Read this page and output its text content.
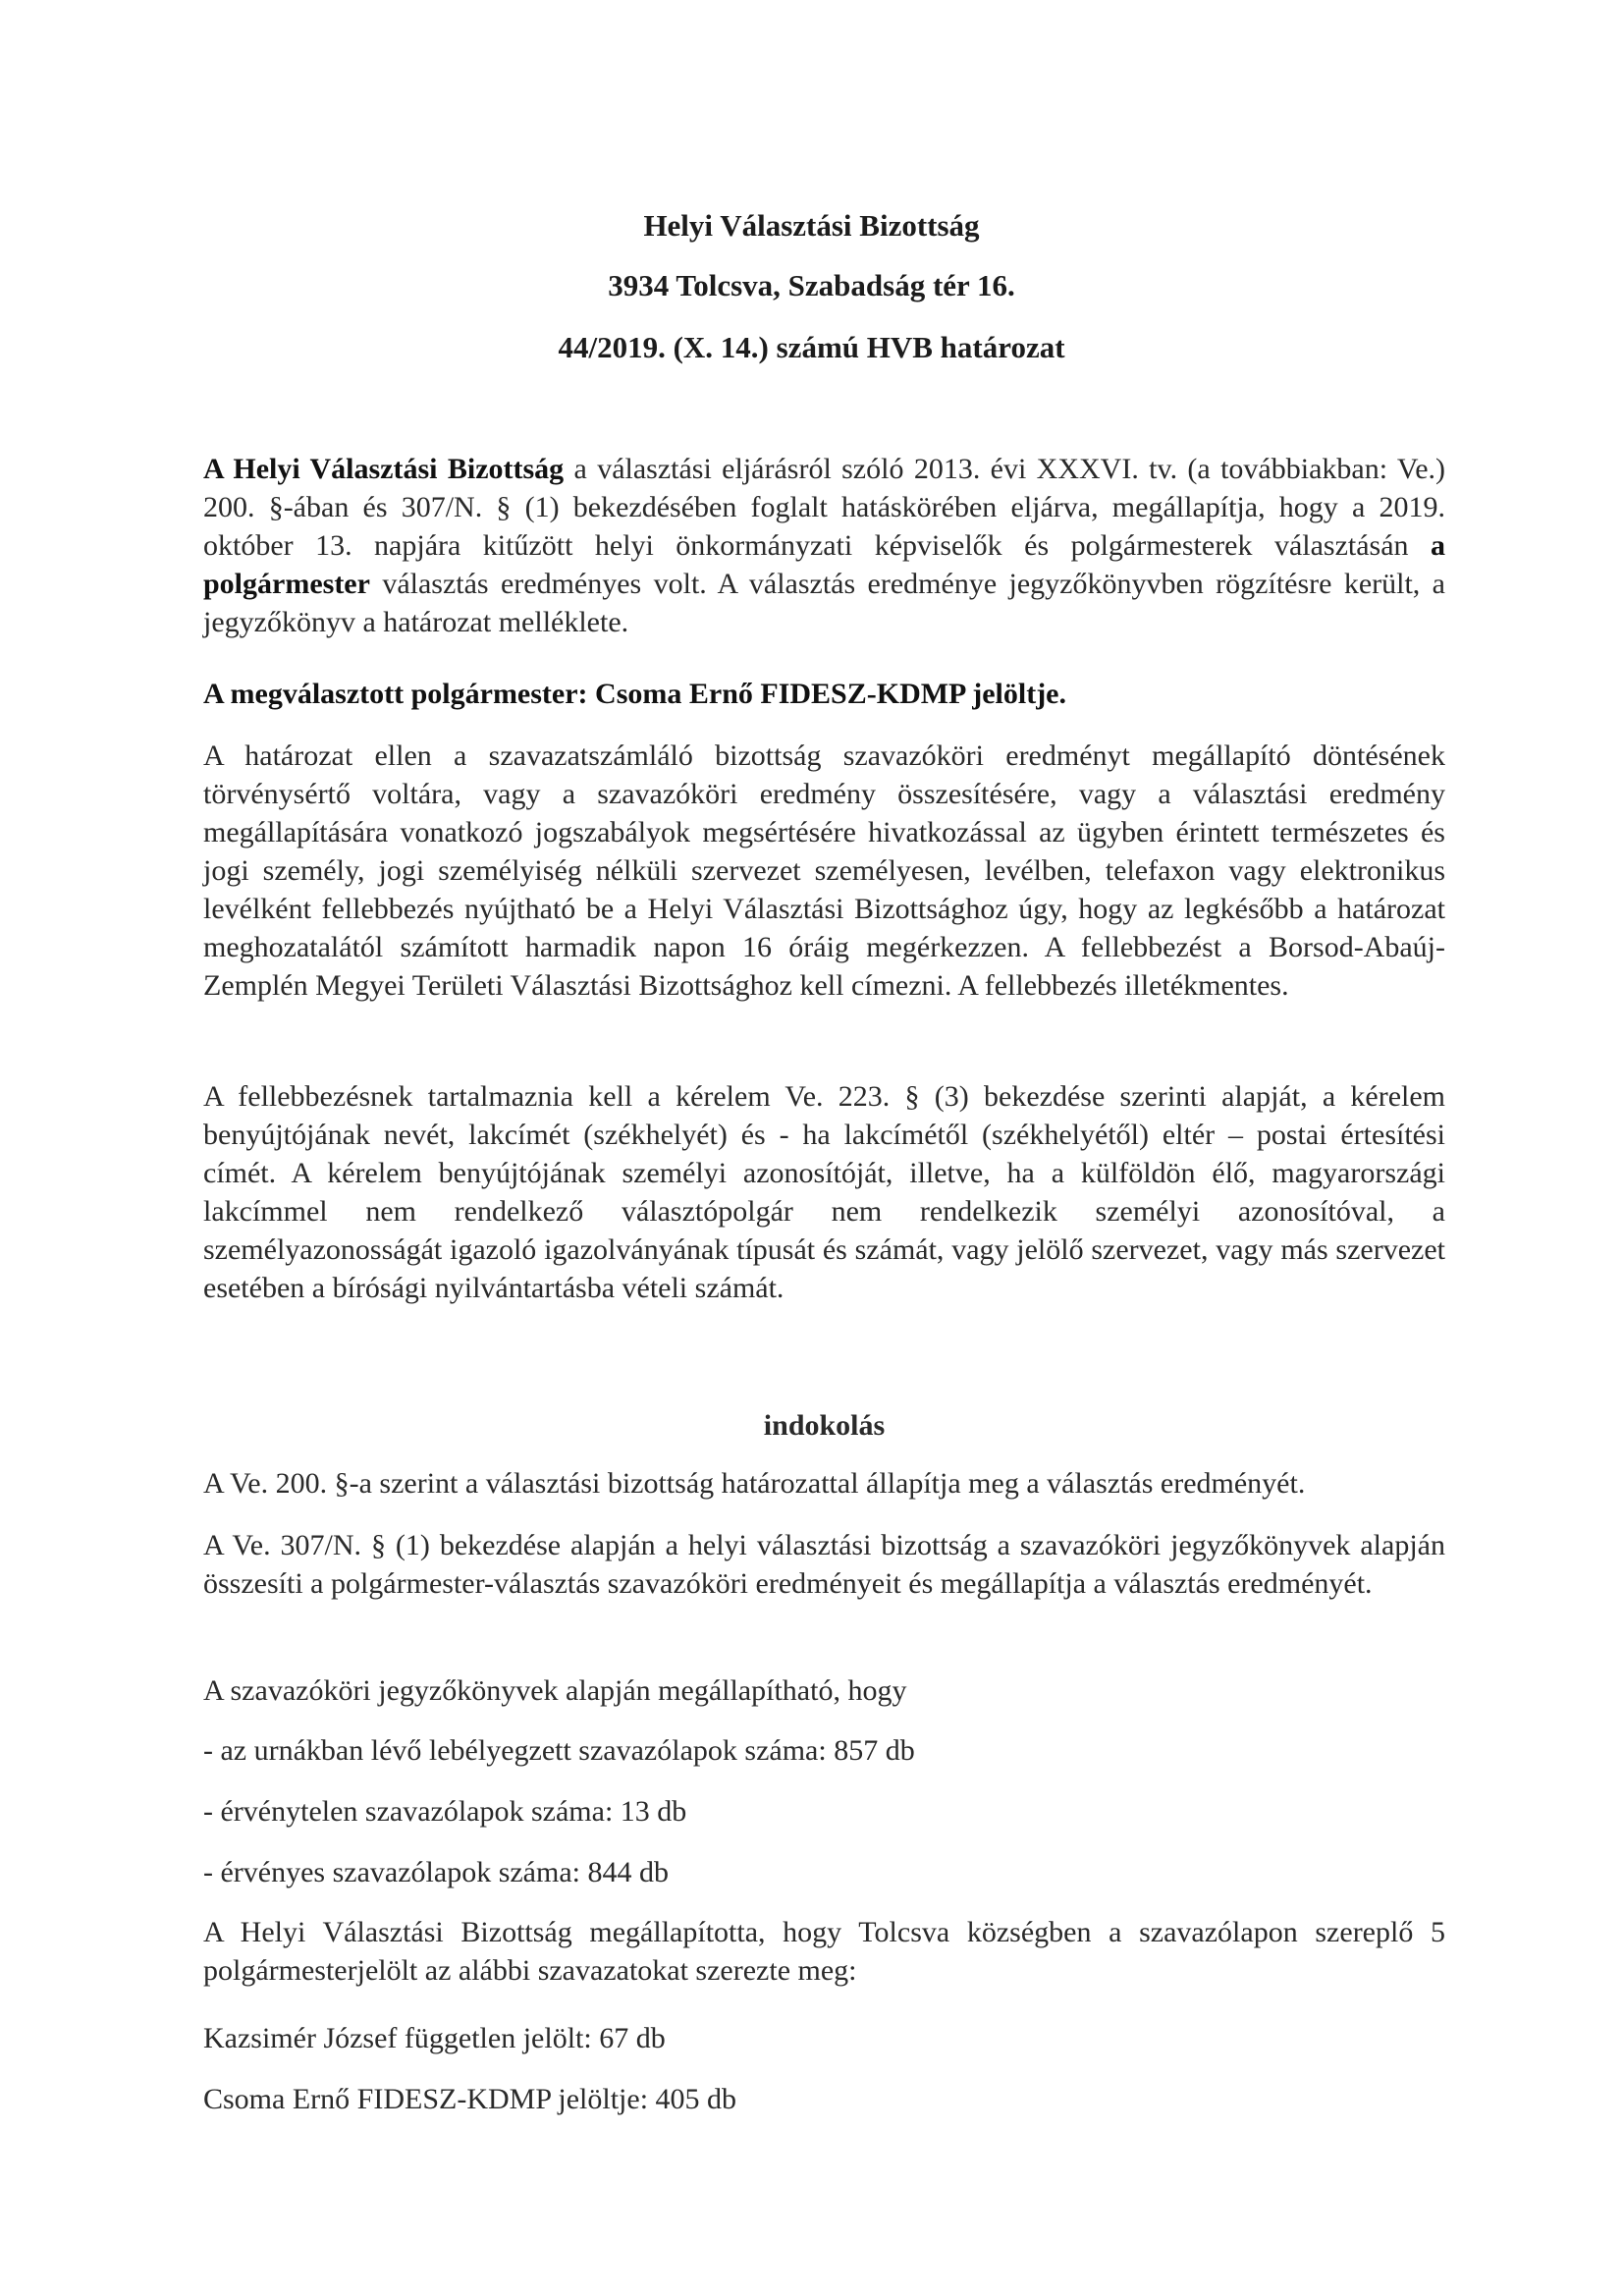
Helyi Választási Bizottság
3934 Tolcsva, Szabadság tér 16.
44/2019. (X. 14.) számú HVB határozat

A Helyi Választási Bizottság a választási eljárásról szóló 2013. évi XXXVI. tv. (a továbbiakban: Ve.) 200. §-ában és 307/N. § (1) bekezdésében foglalt hatáskörében eljárva, megállapítja, hogy a 2019. október 13. napjára kitűzött helyi önkormányzati képviselők és polgármesterek választásán a polgármester választás eredményes volt. A választás eredménye jegyzőkönyvben rögzítésre került, a jegyzőkönyv a határozat melléklete.

A megválasztott polgármester: Csoma Ernő FIDESZ-KDMP jelöltje.
A határozat ellen a szavazatszámláló bizottság szavazóköri eredményt megállapító döntésének törvénysértő voltára, vagy a szavazóköri eredmény összesítésére, vagy a választási eredmény megállapítására vonatkozó jogszabályok megsértésére hivatkozással az ügyben érintett természetes és jogi személy, jogi személyiség nélküli szervezet személyesen, levélben, telefaxon vagy elektronikus levélként fellebbezés nyújtható be a Helyi Választási Bizottsághoz úgy, hogy az legkésőbb a határozat meghozatalától számított harmadik napon 16 óráig megérkezzen. A fellebbezést a Borsod-Abaúj-Zemplén Megyei Területi Választási Bizottsághoz kell címezni. A fellebbezés illetékmentes.
A fellebbezésnek tartalmaznia kell a kérelem Ve. 223. § (3) bekezdése szerinti alapját, a kérelem benyújtójának nevét, lakcímét (székhelyét) és - ha lakcímétől (székhelyétől) eltér – postai értesítési címét. A kérelem benyújtójának személyi azonosítóját, illetve, ha a külföldön élő, magyarországi lakcímmel nem rendelkező választópolgár nem rendelkezik személyi azonosítóval, a személyazonosságát igazoló igazolványának típusát és számát, vagy jelölő szervezet, vagy más szervezet esetében a bírósági nyilvántartásba vételi számát.
indokolás
A Ve. 200. §-a szerint a választási bizottság határozattal állapítja meg a választás eredményét.
A Ve. 307/N. § (1) bekezdése alapján a helyi választási bizottság a szavazóköri jegyzőkönyvek alapján összesíti a polgármester-választás szavazóköri eredményeit és megállapítja a választás eredményét.
A szavazóköri jegyzőkönyvek alapján megállapítható, hogy
- az urnákban lévő lebélyegzett szavazólapok száma: 857 db
- érvénytelen szavazólapok száma: 13 db
- érvényes szavazólapok száma: 844 db
A Helyi Választási Bizottság megállapította, hogy Tolcsva községben a szavazólapon szereplő 5 polgármesterjelölt az alábbi szavazatokat szerezte meg:
Kazsimér József független jelölt: 67 db
Csoma Ernő FIDESZ-KDMP jelöltje: 405 db
